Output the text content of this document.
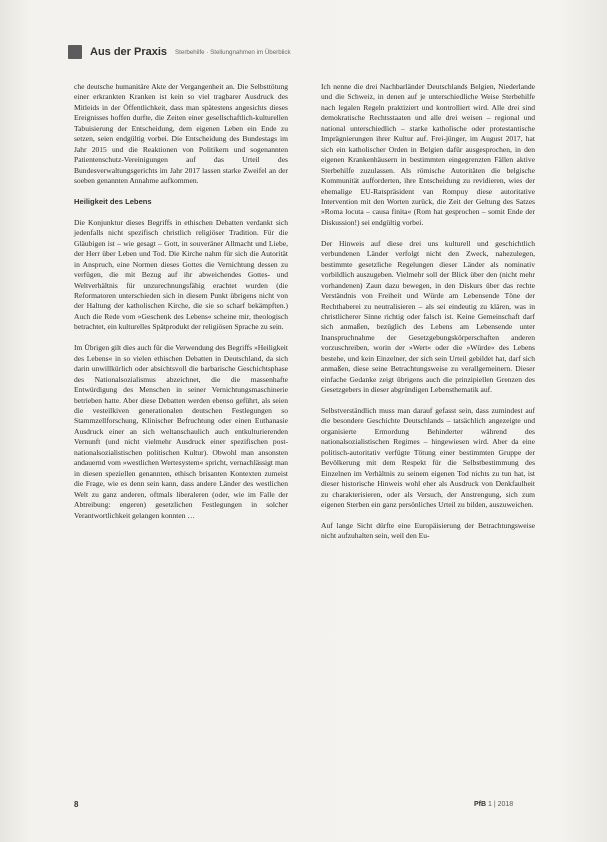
Aus der Praxis Sterbehilfe · Stellungnahmen im Überblick

che deutsche humanitäre Akte der Vergangenheit an. Die Selbsttötung einer erkrankten Kranken ist kein so viel tragbarer Ausdruck des Mitleids in der Öffentlichkeit, dass man spätestens angesichts dieses Ereignisses hoffen durfte, die Zeiten einer gesellschaftlich-kulturellen Tabuisierung der Entscheidung, dem eigenen Leben ein Ende zu setzen, seien endgültig vorbei. Die Entscheidung des Bundestags im Jahr 2015 und die Reaktionen von Politikern und sogenannten Patientenschutz-Vereinigungen auf das Urteil des Bundesverwaltungsgerichts im Jahr 2017 lassen starke Zweifel an der soeben genannten Annahme aufkommen.

Heiligkeit des Lebens

Die Konjunktur dieses Begriffs in ethischen Debatten verdankt sich jedenfalls nicht spezifisch christlich religiöser Tradition. Für die Gläubigen ist – wie gesagt – Gott, in souveräner Allmacht und Liebe, der Herr über Leben und Tod. Die Kirche nahm für sich die Autorität in Anspruch, eine Normen dieses Gottes die Vernichtung dessen zu verfügen, die mit Bezug auf ihr abweichendes Gottes- und Weltverhältnis für unzurechnungsfähig erachtet wurden (die Reformatoren unterschieden sich in diesem Punkt übrigens nicht von der Haltung der katholischen Kirche, die sie so scharf bekämpften.) Auch die Rede vom »Geschenk des Lebens« scheine mir, theologisch betrachtet, ein kulturelles Spätprodukt der religiösen Sprache zu sein.

Im Übrigen gilt dies auch für die Verwendung des Begriffs »Heiligkeit des Lebens« in so vielen ethischen Debatten in Deutschland, da sich darin unwillkürlich oder absichtsvoll die barbarische Geschichtsphase des Nationalsozialismus abzeichnet, die die massenhafte Entwürdigung des Menschen in seiner Vernichtungsmaschinerie betrieben hatte. Aber diese Debatten werden ebenso geführt, als seien die vesteilkiven generationalen deutschen Festlegungen so Stammzellforschung, Klinischer Befruchtung oder einen Euthanasie Ausdruck einer an sich weltanschaulich auch entkulturierenden Vernunft (und nicht vielmehr Ausdruck einer spezifischen post-nationalsozialistischen politischen Kultur). Obwohl man ansonsten andauernd vom »westlichen Wertesystem« spricht, vernachlässigt man in diesen speziellen genannten, ethisch brisanten Kontexten zumeist die Frage, wie es denn sein kann, dass andere Länder des westlichen Welt zu ganz anderen, oftmals liberaleren (oder, wie im Falle der Abtreibung: engeren) gesetzlichen Festlegungen in solcher Verantwortlichkeit gelangen konnten …

Ich nenne die drei Nachbarländer Deutschlands Belgien, Niederlande und die Schweiz, in denen auf je unterschiedliche Weise Sterbehilfe nach legalen Regeln praktiziert und kontrolliert wird. Alle drei sind demokratische Rechtsstaaten und alle drei weisen – regional und national unterschiedlich – starke katholische oder protestantische Imprägnierungen ihrer Kultur auf. Frei-jünger, im August 2017, hat sich ein katholischer Orden in Belgien dafür ausgesprochen, in den eigenen Krankenhäusern in bestimmten eingegrenzten Fällen aktive Sterbehilfe zuzulassen. Als römische Autoritäten die belgische Kommunität aufforderten, ihre Entscheidung zu revidieren, wies der ehemalige EU-Ratspräsident van Rompuy diese autoritative Intervention mit den Worten zurück, die Zeit der Geltung des Satzes »Roma locuta – causa finita« (Rom hat gesprochen – somit Ende der Diskussion!) sei endgültig vorbei.

Der Hinweis auf diese drei uns kulturell und geschichtlich verbundenen Länder verfolgt nicht den Zweck, nahezulegen, bestimmte gesetzliche Regelungen dieser Länder als nominativ vorbildlich auszugeben. Vielmehr soll der Blick über den (nicht mehr vorhandenen) Zaun dazu bewegen, in den Diskurs über das rechte Verständnis von Freiheit und Würde am Lebensende Töne der Rechthaberei zu neutralisieren – als sei eindeutig zu klären, was in christlicherer Sinne richtig oder falsch ist. Keine Gemeinschaft darf sich anmaßen, bezüglich des Lebens am Lebensende unter Inanspruchnahme der Gesetzgebungskörperschaften anderen vorzuschreiben, worin der »Wert« oder die »Würde« des Lebens bestehe, und kein Einzelner, der sich sein Urteil gebildet hat, darf sich anmaßen, diese seine Betrachtungsweise zu verallgemeinern. Dieser einfache Gedanke zeigt übrigens auch die prinzipiellen Grenzen des Gesetzgebers in dieser abgründigen Lebensthematik auf.

Selbstverständlich muss man darauf gefasst sein, dass zumindest auf die besondere Geschichte Deutschlands – tatsächlich angezeigte und organisierte Ermordung Behinderter während des nationalsozialistischen Regimes – hingewiesen wird. Aber da eine politisch-autoritativ verfügte Tötung einer bestimmten Gruppe der Bevölkerung mit dem Respekt für die Selbstbestimmung des Einzelnen im Verhältnis zu seinem eigenen Tod nichts zu tun hat, ist dieser historische Hinweis wohl eher als Ausdruck von Denkfaulheit zu charakterisieren, oder als Versuch, der Anstrengung, sich zum eigenen Sterben ein ganz persönliches Urteil zu bilden, auszuweichen.

Auf lange Sicht dürfte eine Europäisierung der Betrachtungsweise nicht aufzuhalten sein, weil den Eu-

8	PfB 1 | 2018
